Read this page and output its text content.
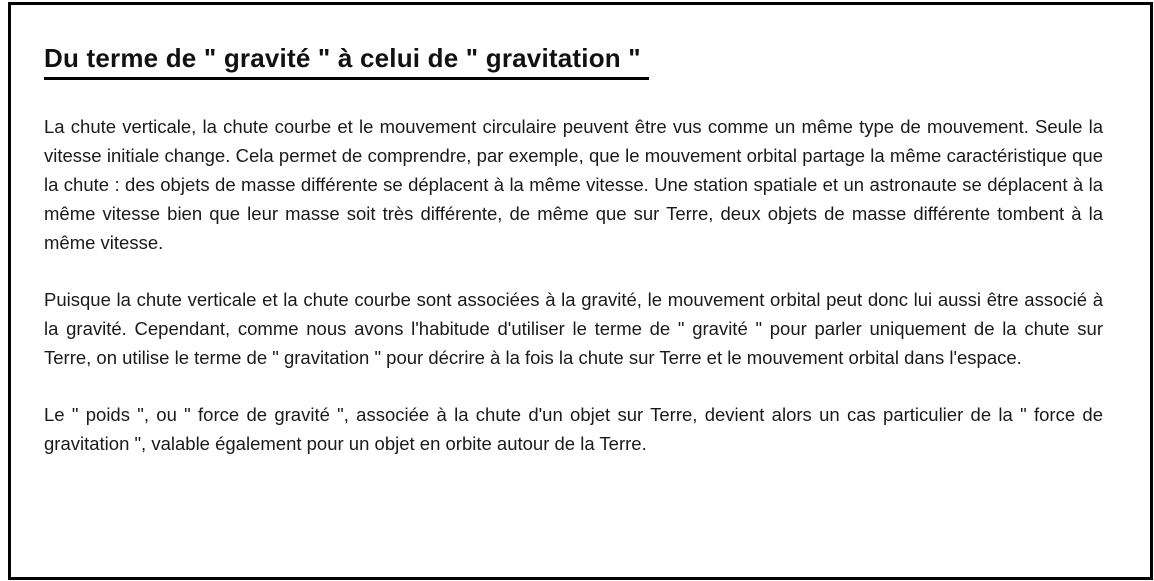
Du terme de " gravité " à celui de " gravitation "

La chute verticale, la chute courbe et le mouvement circulaire peuvent être vus comme un même type de mouvement. Seule la vitesse initiale change. Cela permet de comprendre, par exemple, que le mouvement orbital partage la même caractéristique que la chute : des objets de masse différente se déplacent à la même vitesse. Une station spatiale et un astronaute se déplacent à la même vitesse bien que leur masse soit très différente, de même que sur Terre, deux objets de masse différente tombent à la même vitesse.

Puisque la chute verticale et la chute courbe sont associées à la gravité, le mouvement orbital peut donc lui aussi être associé à la gravité. Cependant, comme nous avons l'habitude d'utiliser le terme de " gravité " pour parler uniquement de la chute sur Terre, on utilise le terme de " gravitation " pour décrire à la fois la chute sur Terre et le mouvement orbital dans l'espace.

Le " poids ", ou " force de gravité ", associée à la chute d'un objet sur Terre, devient alors un cas particulier de la " force de gravitation ", valable également pour un objet en orbite autour de la Terre.
